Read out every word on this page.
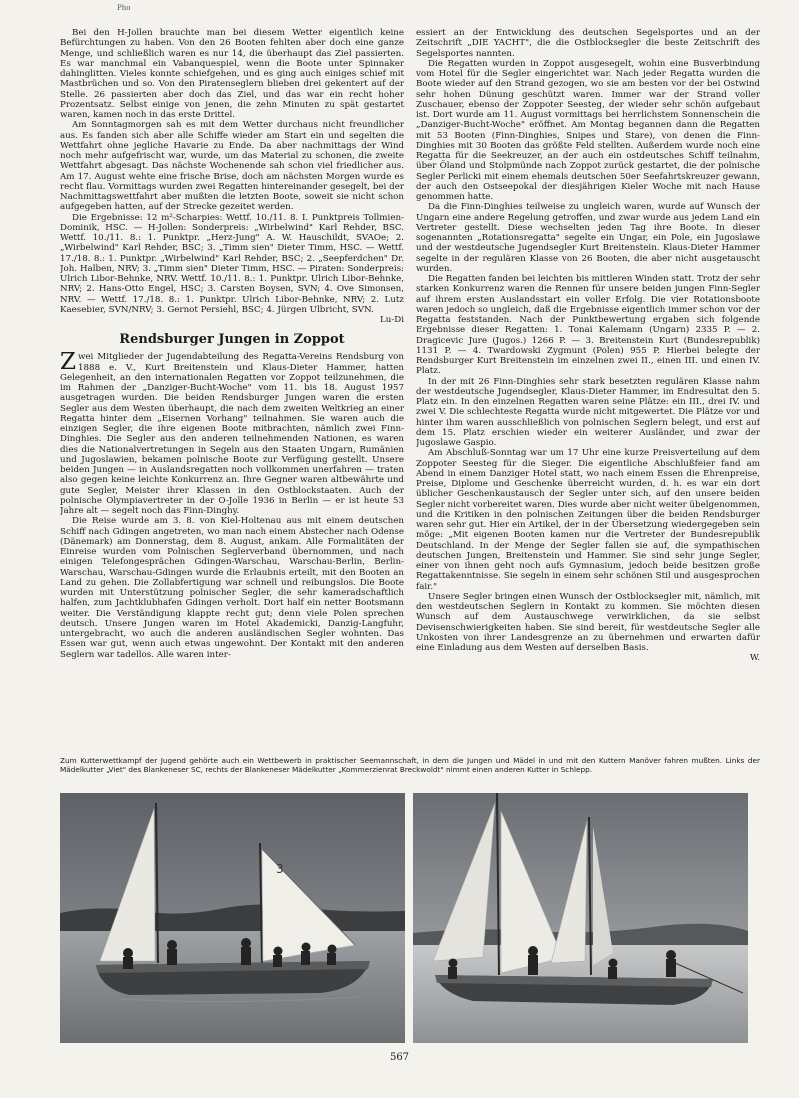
Pho

Bei den H-Jollen brauchte man bei diesem Wetter eigentlich keine Befürchtungen zu haben. Von den 26 Booten fehlten aber doch eine ganze Menge, und schließlich waren es nur 14, die überhaupt das Ziel passierten. Es war manchmal ein Vabanquespiel, wenn die Boote unter Spinnaker dahinglitten. Vieles konnte schiefgehen, und es ging auch einiges schief mit Mastbrüchen und so. Von den Piratenseglern blieben drei gekentert auf der Stelle. 26 passierten aber doch das Ziel, und das war ein recht hoher Prozentsatz. Selbst einige von jenen, die zehn Minuten zu spät gestartet waren, kamen noch in das erste Drittel.

Am Sonntagmorgen sah es mit dem Wetter durchaus nicht freundlicher aus. Es fanden sich aber alle Schiffe wieder am Start ein und segelten die Wettfahrt ohne jegliche Havarie zu Ende. Da aber nachmittags der Wind noch mehr aufgefrischt war, wurde, um das Material zu schonen, die zweite Wettfahrt abgesagt. Das nächste Wochenende sah schon viel friedlicher aus. Am 17. August wehte eine frische Brise, doch am nächsten Morgen wurde es recht flau. Vormittags wurden zwei Regatten hintereinander gesegelt, bei der Nachmittagswettfahrt aber mußten die letzten Boote, soweit sie nicht schon aufgegeben hatten, auf der Strecke gezeitet werden.

Die Ergebnisse: 12 m²-Scharpies: Wettf. 10./11. 8. I. Punktpreis Tollmien-Dominik, HSC. — H-Jollen: Sonderpreis: „Wirbelwind" Karl Rehder, BSC. Wettf. 10./11. 8.: 1. Punktpr. „Herz-Jung" A. W. Hauschildt, SVAOe; 2. „Wirbelwind" Karl Rehder, BSC; 3. „Timm sien" Dieter Timm, HSC. — Wettf. 17./18. 8.: 1. Punktpr. „Wirbelwind" Karl Rehder, BSC; 2. „Seepferdchen" Dr. Joh. Halben, NRV; 3. „Timm sien" Dieter Timm, HSC. — Piraten: Sonderpreis: Ulrich Libor-Behnke, NRV. Wettf. 10./11. 8.: 1. Punktpr. Ulrich Libor-Behnke, NRV; 2. Hans-Otto Engel, HSC; 3. Carsten Boysen, SVN; 4. Ove Simonsen, NRV. — Wettf. 17./18. 8.: 1. Punktpr. Ulrich Libor-Behnke, NRV; 2. Lutz Kaesebier, SVN/NRV; 3. Gernot Persiehl, BSC; 4. Jürgen Ulbricht, SVN.

Lu-Di

Rendsburger Jungen in Zoppot

Zwei Mitglieder der Jugendabteilung des Regatta-Vereins Rendsburg von 1888 e. V., Kurt Breitenstein und Klaus-Dieter Hammer, hatten Gelegenheit, an den internationalen Regatten vor Zoppot teilzunehmen, die im Rahmen der „Danziger-Bucht-Woche" vom 11. bis 18. August 1957 ausgetragen wurden. Die beiden Rendsburger Jungen waren die ersten Segler aus dem Westen überhaupt, die nach dem zweiten Weltkrieg an einer Regatta hinter dem „Eisernen Vorhang" teilnahmen. Sie waren auch die einzigen Segler, die ihre eigenen Boote mitbrachten, nämlich zwei Finn-Dinghies. Die Segler aus den anderen teilnehmenden Nationen, es waren dies die Nationalvertretungen in Segeln aus den Staaten Ungarn, Rumänien und Jugoslawien, bekamen polnische Boote zur Verfügung gestellt. Unsere beiden Jungen — in Auslandsregatten noch vollkommen unerfahren — traten also gegen keine leichte Konkurrenz an. Ihre Gegner waren altbewährte und gute Segler, Meister ihrer Klassen in den Ostblockstaaten. Auch der polnische Olympiavertreter in der O-Jolle 1936 in Berlin — er ist heute 53 Jahre alt — segelt noch das Finn-Dinghy.

Die Reise wurde am 3. 8. von Kiel-Holtenau aus mit einem deutschen Schiff nach Gdingen angetreten, wo man nach einem Abstecher nach Odense (Dänemark) am Donnerstag, dem 8. August, ankam. Alle Formalitäten der Einreise wurden vom Polnischen Seglerverband übernommen, und nach einigen Telefongesprächen Gdingen-Warschau, Warschau-Berlin, Berlin-Warschau, Warschau-Gdingen wurde die Erlaubnis erteilt, mit den Booten an Land zu gehen. Die Zollabfertigung war schnell und reibungslos. Die Boote wurden mit Unterstützung polnischer Segler, die sehr kameradschaftlich halfen, zum Jachtklubhafen Gdingen verholt. Dort half ein netter Bootsmann weiter. Die Verständigung klappte recht gut; denn viele Polen sprechen deutsch. Unsere Jungen waren im Hotel Akademicki, Danzig-Langfuhr, untergebracht, wo auch die anderen ausländischen Segler wohnten. Das Essen war gut, wenn auch etwas ungewohnt. Der Kontakt mit den anderen Seglern war tadellos. Alle waren inter-

essiert an der Entwicklung des deutschen Segelsportes und an der Zeitschrift „DIE YACHT", die die Ostblocksegler die beste Zeitschrift des Segelsportes nannten.

Die Regatten wurden in Zoppot ausgesegelt, wohin eine Busverbindung vom Hotel für die Segler eingerichtet war. Nach jeder Regatta wurden die Boote wieder auf den Strand gezogen, wo sie am besten vor der bei Ostwind sehr hohen Dünung geschützt waren. Immer war der Strand voller Zuschauer, ebenso der Zoppoter Seesteg, der wieder sehr schön aufgebaut ist. Dort wurde am 11. August vormittags bei herrlichstem Sonnenschein die „Danziger-Bucht-Woche" eröffnet. Am Montag begannen dann die Regatten mit 53 Booten (Finn-Dinghies, Snipes und Stare), von denen die Finn-Dinghies mit 30 Booten das größte Feld stellten. Außerdem wurde noch eine Regatta für die Seekreuzer, an der auch ein ostdeutsches Schiff teilnahm, über Öland und Stolpmünde nach Zoppot zurück gestartet, die der polnische Segler Perlicki mit einem ehemals deutschen 50er Seefahrtskreuzer gewann, der auch den Ostseepokal der diesjährigen Kieler Woche mit nach Hause genommen hatte.

Da die Finn-Dinghies teilweise zu ungleich waren, wurde auf Wunsch der Ungarn eine andere Regelung getroffen, und zwar wurde aus jedem Land ein Vertreter gestellt. Diese wechselten jeden Tag ihre Boote. In dieser sogenannten „Rotationsregatta" segelte ein Ungar, ein Pole, ein Jugoslawe und der westdeutsche Jugendsegler Kurt Breitenstein. Klaus-Dieter Hammer segelte in der regulären Klasse von 26 Booten, die aber nicht ausgetauscht wurden.

Die Regatten fanden bei leichten bis mittleren Winden statt. Trotz der sehr starken Konkurrenz waren die Rennen für unsere beiden jungen Finn-Segler auf ihrem ersten Auslandsstart ein voller Erfolg. Die vier Rotationsboote waren jedoch so ungleich, daß die Ergebnisse eigentlich immer schon vor der Regatta feststanden. Nach der Punktbewertung ergaben sich folgende Ergebnisse dieser Regatten: 1. Tonai Kalemann (Ungarn) 2335 P. — 2. Dragicevic Jure (Jugos.) 1266 P. — 3. Breitenstein Kurt (Bundesrepublik) 1131 P. — 4. Twardowski Zygmunt (Polen) 955 P. Hierbei belegte der Rendsburger Kurt Breitenstein im einzelnen zwei II., einen III. und einen IV. Platz.

In der mit 26 Finn-Dinghies sehr stark besetzten regulären Klasse nahm der westdeutsche Jugendsegler, Klaus-Dieter Hammer, im Endresultat den 5. Platz ein. In den einzelnen Regatten waren seine Plätze: ein III., drei IV. und zwei V. Die schlechteste Regatta wurde nicht mitgewertet. Die Plätze vor und hinter ihm waren ausschließlich von polnischen Seglern belegt, und erst auf dem 15. Platz erschien wieder ein weiterer Ausländer, und zwar der Jugoslawe Gaspio.

Am Abschluß-Sonntag war um 17 Uhr eine kurze Preisverteilung auf dem Zoppoter Seesteg für die Sieger. Die eigentliche Abschlußfeier fand am Abend in einem Danziger Hotel statt, wo nach einem Essen die Ehrenpreise, Preise, Diplome und Geschenke überreicht wurden, d. h. es war ein dort üblicher Geschenkaustausch der Segler unter sich, auf den unsere beiden Segler nicht vorbereitet waren. Dies wurde aber nicht weiter übelgenommen, und die Kritiken in den polnischen Zeitungen über die beiden Rendsburger waren sehr gut. Hier ein Artikel, der in der Übersetzung wiedergegeben sein möge: „Mit eigenen Booten kamen nur die Vertreter der Bundesrepublik Deutschland. In der Menge der Segler fallen sie auf, die sympathischen deutschen Jungen, Breitenstein und Hammer. Sie sind sehr junge Segler, einer von ihnen geht noch aufs Gymnasium, jedoch beide besitzen große Regattakenntnisse. Sie segeln in einem sehr schönen Stil und ausgesprochen fair."

Unsere Segler bringen einen Wunsch der Ostblocksegler mit, nämlich, mit den westdeutschen Seglern in Kontakt zu kommen. Sie möchten diesen Wunsch auf dem Austauschwege verwirklichen, da sie selbst Devisenschwierigkeiten haben. Sie sind bereit, für westdeutsche Segler alle Unkosten von ihrer Landesgrenze an zu übernehmen und erwarten dafür eine Einladung aus dem Westen auf derselben Basis.

W.

Zum Kutterwettkampf der Jugend gehörte auch ein Wettbewerb in praktischer Seemannschaft, in dem die Jungen und Mädel in und mit den Kuttern Manöver fahren mußten. Links der Mädelkutter „Viet" des Blankeneser SC, rechts der Blankeneser Mädelkutter „Kommerzienrat Breckwoldt" nimmt einen anderen Kutter in Schlepp.

3
567
